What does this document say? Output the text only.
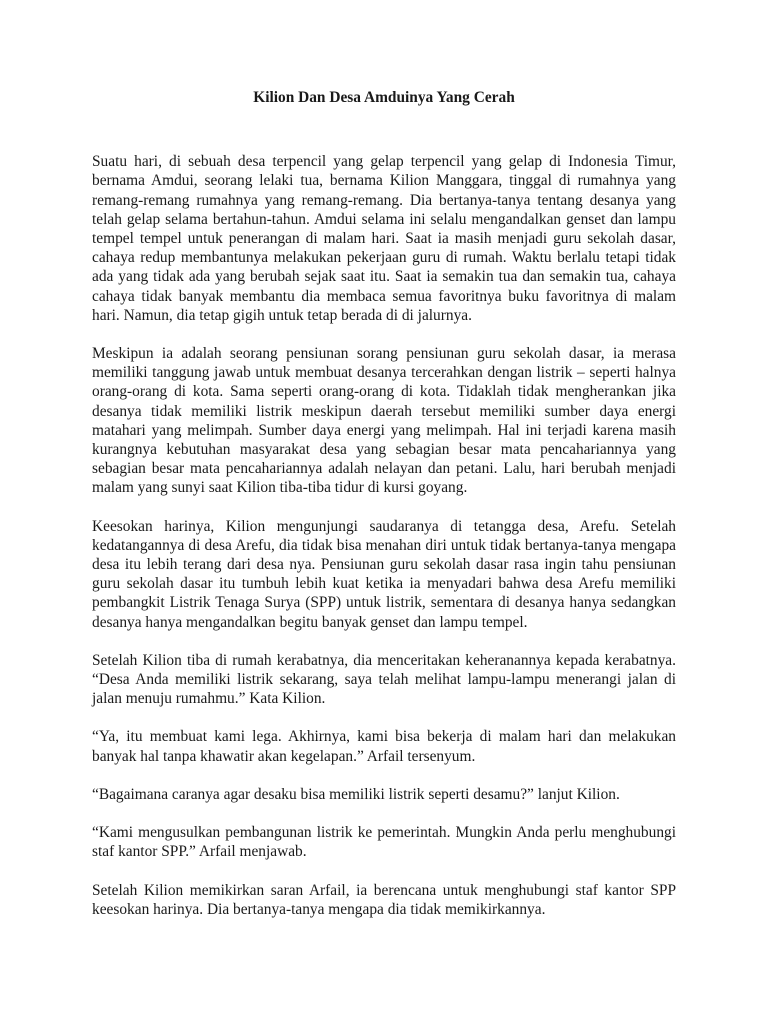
Kilion Dan Desa Amduinya Yang Cerah

Suatu hari, di sebuah desa terpencil yang gelap terpencil yang gelap di Indonesia Timur, bernama Amdui, seorang lelaki tua, bernama Kilion Manggara, tinggal di rumahnya yang remang-remang rumahnya yang remang-remang. Dia bertanya-tanya tentang desanya yang telah gelap selama bertahun-tahun. Amdui selama ini selalu mengandalkan genset dan lampu tempel tempel untuk penerangan di malam hari. Saat ia masih menjadi guru sekolah dasar, cahaya redup membantunya melakukan pekerjaan guru di rumah. Waktu berlalu tetapi tidak ada yang tidak ada yang berubah sejak saat itu. Saat ia semakin tua dan semakin tua, cahaya cahaya tidak banyak membantu dia membaca semua favoritnya buku favoritnya di malam hari. Namun, dia tetap gigih untuk tetap berada di di jalurnya.

Meskipun ia adalah seorang pensiunan sorang pensiunan guru sekolah dasar, ia merasa memiliki tanggung jawab untuk membuat desanya tercerahkan dengan listrik – seperti halnya orang-orang di kota. Sama seperti orang-orang di kota. Tidaklah tidak mengherankan jika desanya tidak memiliki listrik meskipun daerah tersebut memiliki sumber daya energi matahari yang melimpah. Sumber daya energi yang melimpah. Hal ini terjadi karena masih kurangnya kebutuhan masyarakat desa yang sebagian besar mata pencahariannya yang sebagian besar mata pencahariannya adalah nelayan dan petani. Lalu, hari berubah menjadi malam yang sunyi saat Kilion tiba-tiba tidur di kursi goyang.

Keesokan harinya, Kilion mengunjungi saudaranya di tetangga desa, Arefu. Setelah kedatangannya di desa Arefu, dia tidak bisa menahan diri untuk tidak bertanya-tanya mengapa desa itu lebih terang dari desa nya. Pensiunan guru sekolah dasar rasa ingin tahu pensiunan guru sekolah dasar itu tumbuh lebih kuat ketika ia menyadari bahwa desa Arefu memiliki pembangkit Listrik Tenaga Surya (SPP) untuk listrik, sementara di desanya hanya sedangkan desanya hanya mengandalkan begitu banyak genset dan lampu tempel.

Setelah Kilion tiba di rumah kerabatnya, dia menceritakan keheranannya kepada kerabatnya. “Desa Anda memiliki listrik sekarang, saya telah melihat lampu-lampu menerangi jalan di jalan menuju rumahmu.” Kata Kilion.

“Ya, itu membuat kami lega. Akhirnya, kami bisa bekerja di malam hari dan melakukan banyak hal tanpa khawatir akan kegelapan.” Arfail tersenyum.

“Bagaimana caranya agar desaku bisa memiliki listrik seperti desamu?” lanjut Kilion.

“Kami mengusulkan pembangunan listrik ke pemerintah. Mungkin Anda perlu menghubungi staf kantor SPP.” Arfail menjawab.

Setelah Kilion memikirkan saran Arfail, ia berencana untuk menghubungi staf kantor SPP keesokan harinya. Dia bertanya-tanya mengapa dia tidak memikirkannya.
